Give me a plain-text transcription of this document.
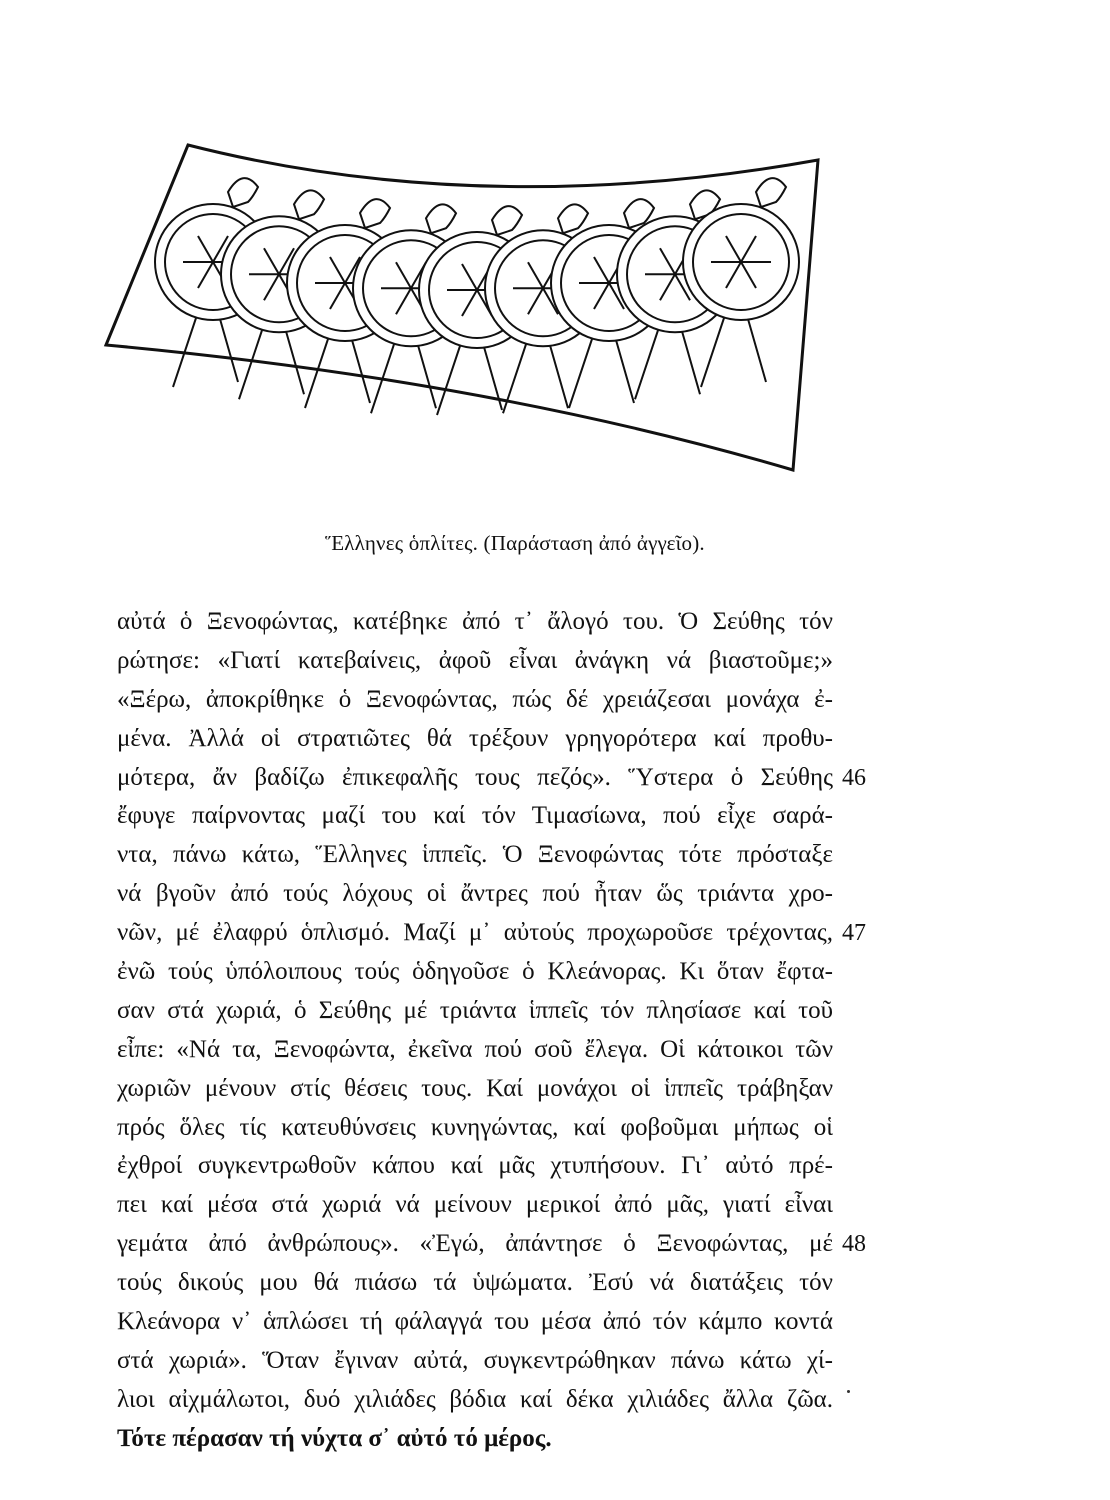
Ἕλληνες ὁπλίτες. (Παράσταση ἀπό ἀγγεῖο).
αὐτά ὁ Ξενοφώντας, κατέβηκε ἀπό τ᾽ ἄλογό του. Ὁ Σεύθης τόν
ρώτησε: «Γιατί κατεβαίνεις, ἀφοῦ εἶναι ἀνάγκη νά βιαστοῦμε;»
«Ξέρω, ἀποκρίθηκε ὁ Ξενοφώντας, πώς δέ χρειάζεσαι μονάχα ἐ-
μένα. Ἀλλά οἱ στρατιῶτες θά τρέξουν γρηγορότερα καί προθυ-
μότερα, ἄν βαδίζω ἐπικεφαλῆς τους πεζός». Ὕστερα ὁ Σεύθης
ἔφυγε παίρνοντας μαζί του καί τόν Τιμασίωνα, πού εἶχε σαρά-
ντα, πάνω κάτω, Ἕλληνες ἱππεῖς. Ὁ Ξενοφώντας τότε πρόσταξε
νά βγοῦν ἀπό τούς λόχους οἱ ἄντρες πού ἦταν ὥς τριάντα χρο-
νῶν, μέ ἐλαφρύ ὁπλισμό. Μαζί μ᾽ αὐτούς προχωροῦσε τρέχοντας,
ἐνῶ τούς ὑπόλοιπους τούς ὁδηγοῦσε ὁ Κλεάνορας. Κι ὅταν ἔφτα-
σαν στά χωριά, ὁ Σεύθης μέ τριάντα ἱππεῖς τόν πλησίασε καί τοῦ
εἶπε: «Νά τα, Ξενοφώντα, ἐκεῖνα πού σοῦ ἔλεγα. Οἱ κάτοικοι τῶν
χωριῶν μένουν στίς θέσεις τους. Καί μονάχοι οἱ ἱππεῖς τράβηξαν
πρός ὅλες τίς κατευθύνσεις κυνηγώντας, καί φοβοῦμαι μήπως οἱ
ἐχθροί συγκεντρωθοῦν κάπου καί μᾶς χτυπήσουν. Γι᾽ αὐτό πρέ-
πει καί μέσα στά χωριά νά μείνουν μερικοί ἀπό μᾶς, γιατί εἶναι
γεμάτα ἀπό ἀνθρώπους». «Ἐγώ, ἀπάντησε ὁ Ξενοφώντας, μέ
τούς δικούς μου θά πιάσω τά ὑψώματα. Ἐσύ νά διατάξεις τόν
Κλεάνορα ν᾽ ἁπλώσει τή φάλαγγά του μέσα ἀπό τόν κάμπο κοντά
στά χωριά». Ὅταν ἔγιναν αὐτά, συγκεντρώθηκαν πάνω κάτω χί-
λιοι αἰχμάλωτοι, δυό χιλιάδες βόδια καί δέκα χιλιάδες ἄλλα ζῶα.
Τότε πέρασαν τή νύχτα σ᾽ αὐτό τό μέρος.
46
47
48
